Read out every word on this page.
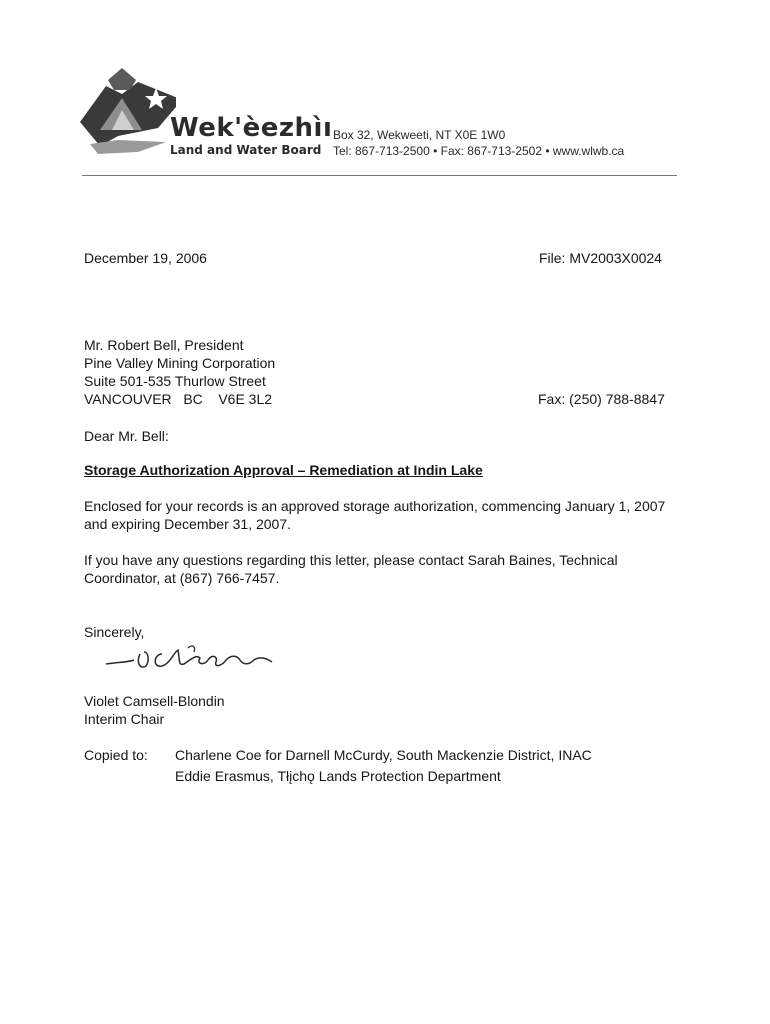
Wek'èezhìı
Land and Water Board
Box 32, Wekweeti, NT X0E 1W0
Tel: 867-713-2500 • Fax: 867-713-2502 • www.wlwb.ca
December 19, 2006	File: MV2003X0024
Mr. Robert Bell, President
Pine Valley Mining Corporation
Suite 501-535 Thurlow Street
VANCOUVER   BC    V6E 3L2	Fax: (250) 788-8847
Dear Mr. Bell:
Storage Authorization Approval – Remediation at Indin Lake
Enclosed for your records is an approved storage authorization, commencing January 1, 2007 and expiring December 31, 2007.
If you have any questions regarding this letter, please contact Sarah Baines, Technical Coordinator, at (867) 766-7457.
Sincerely,
Violet Camsell-Blondin
Interim Chair
Copied to: Charlene Coe for Darnell McCurdy, South Mackenzie District, INAC
Eddie Erasmus, Tłįchǫ Lands Protection Department
